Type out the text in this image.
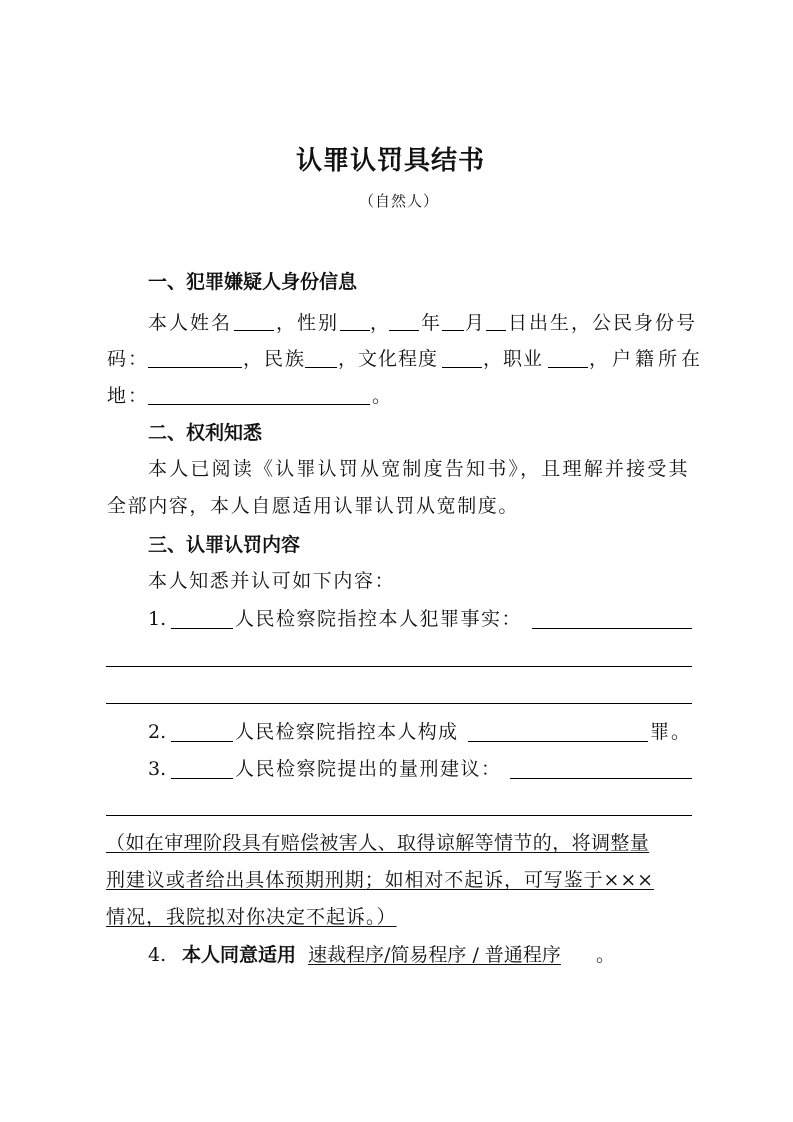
认罪认罚具结书
（自然人）
一、犯罪嫌疑人身份信息
本人姓名 ，性别 ， 年 月 日出生，公民身份号
码：	，民族 ，文化程度 ，职业 ，户籍所在
地：	。
二、权利知悉
本人已阅读《认罪认罚从宽制度告知书》，且理解并接受其
全部内容，本人自愿适用认罪认罚从宽制度。
三、认罪认罚内容
本人知悉并认可如下内容：
1.	人民检察院指控本人犯罪事实：
2.	人民检察院指控本人构成	罪。
3.	人民检察院提出的量刑建议：
（如在审理阶段具有赔偿被害人、取得谅解等情节的，将调整量
刑建议或者给出具体预期刑期；如相对不起诉，可写鉴于×××
情况，我院拟对你决定不起诉。）
4. 本人同意适用 速裁程序/简易程序 / 普通程序 。
